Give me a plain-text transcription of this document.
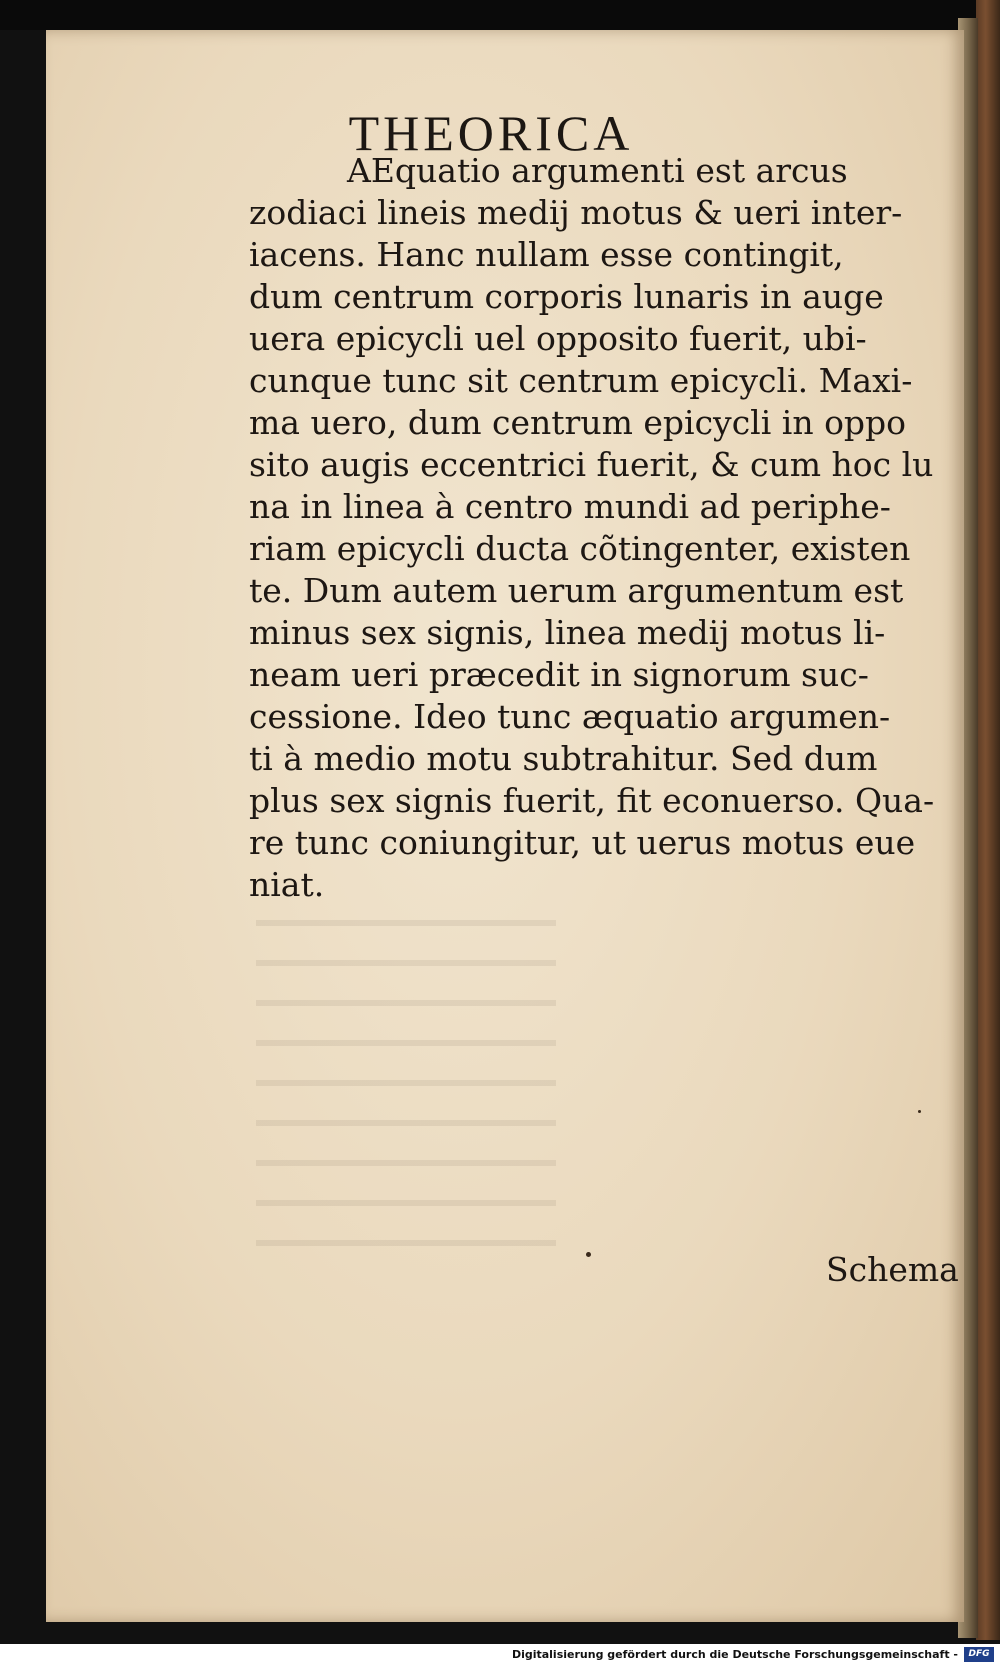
THEORICA
AEquatio argumenti est arcus
zodiaci lineis medij motus & ueri inter-
iacens. Hanc nullam esse contingit,
dum centrum corporis lunaris in auge
uera epicycli uel opposito fuerit, ubi-
cunque tunc sit centrum epicycli. Maxi-
ma uero, dum centrum epicycli in oppo
sito augis eccentrici fuerit, & cum hoc lu
na in linea à centro mundi ad periphe-
riam epicycli ducta cõtingenter, existen
te. Dum autem uerum argumentum est
minus sex signis, linea medij motus li-
neam ueri præcedit in signorum suc-
cessione. Ideo tunc æquatio argumen-
ti à medio motu subtrahitur. Sed dum
plus sex signis fuerit, fit econuerso. Qua-
re tunc coniungitur, ut uerus motus eue
niat.
Schema
Digitalisierung gefördert durch die Deutsche Forschungsgemeinschaft -	DFG
